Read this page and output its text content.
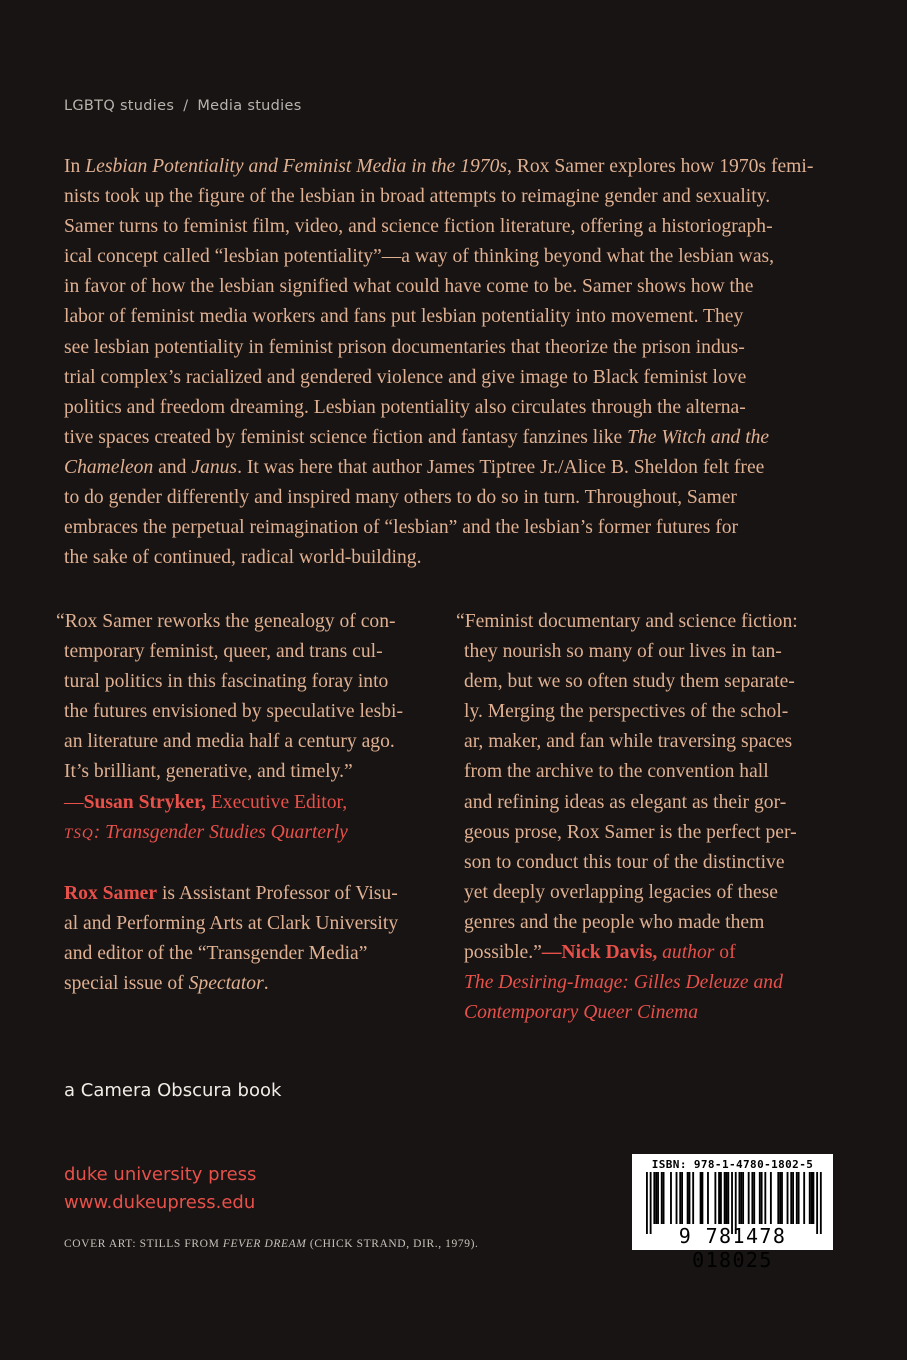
LGBTQ studies / Media studies
In Lesbian Potentiality and Feminist Media in the 1970s, Rox Samer explores how 1970s femi-
nists took up the figure of the lesbian in broad attempts to reimagine gender and sexuality.
Samer turns to feminist film, video, and science fiction literature, offering a historiograph-
ical concept called “lesbian potentiality”—a way of thinking beyond what the lesbian was,
in favor of how the lesbian signified what could have come to be. Samer shows how the
labor of feminist media workers and fans put lesbian potentiality into movement. They
see lesbian potentiality in feminist prison documentaries that theorize the prison indus-
trial complex’s racialized and gendered violence and give image to Black feminist love
politics and freedom dreaming. Lesbian potentiality also circulates through the alterna-
tive spaces created by feminist science fiction and fantasy fanzines like The Witch and the
Chameleon and Janus. It was here that author James Tiptree Jr./Alice B. Sheldon felt free
to do gender differently and inspired many others to do so in turn. Throughout, Samer
embraces the perpetual reimagination of “lesbian” and the lesbian’s former futures for
the sake of continued, radical world-building.
“Rox Samer reworks the genealogy of con-
temporary feminist, queer, and trans cul-
tural politics in this fascinating foray into
the futures envisioned by speculative lesbi-
an literature and media half a century ago.
It’s brilliant, generative, and timely.”
—Susan Stryker, Executive Editor,
TSQ: Transgender Studies Quarterly
Rox Samer is Assistant Professor of Visu-
al and Performing Arts at Clark University
and editor of the “Transgender Media”
special issue of Spectator.
“Feminist documentary and science fiction:
they nourish so many of our lives in tan-
dem, but we so often study them separate-
ly. Merging the perspectives of the schol-
ar, maker, and fan while traversing spaces
from the archive to the convention hall
and refining ideas as elegant as their gor-
geous prose, Rox Samer is the perfect per-
son to conduct this tour of the distinctive
yet deeply overlapping legacies of these
genres and the people who made them
possible.”—Nick Davis, author of
The Desiring-Image: Gilles Deleuze and
Contemporary Queer Cinema
a Camera Obscura book
duke university press
www.dukeupress.edu
COVER ART: STILLS FROM FEVER DREAM (CHICK STRAND, DIR., 1979).
ISBN: 978-1-4780-1802-5
9 781478 018025
